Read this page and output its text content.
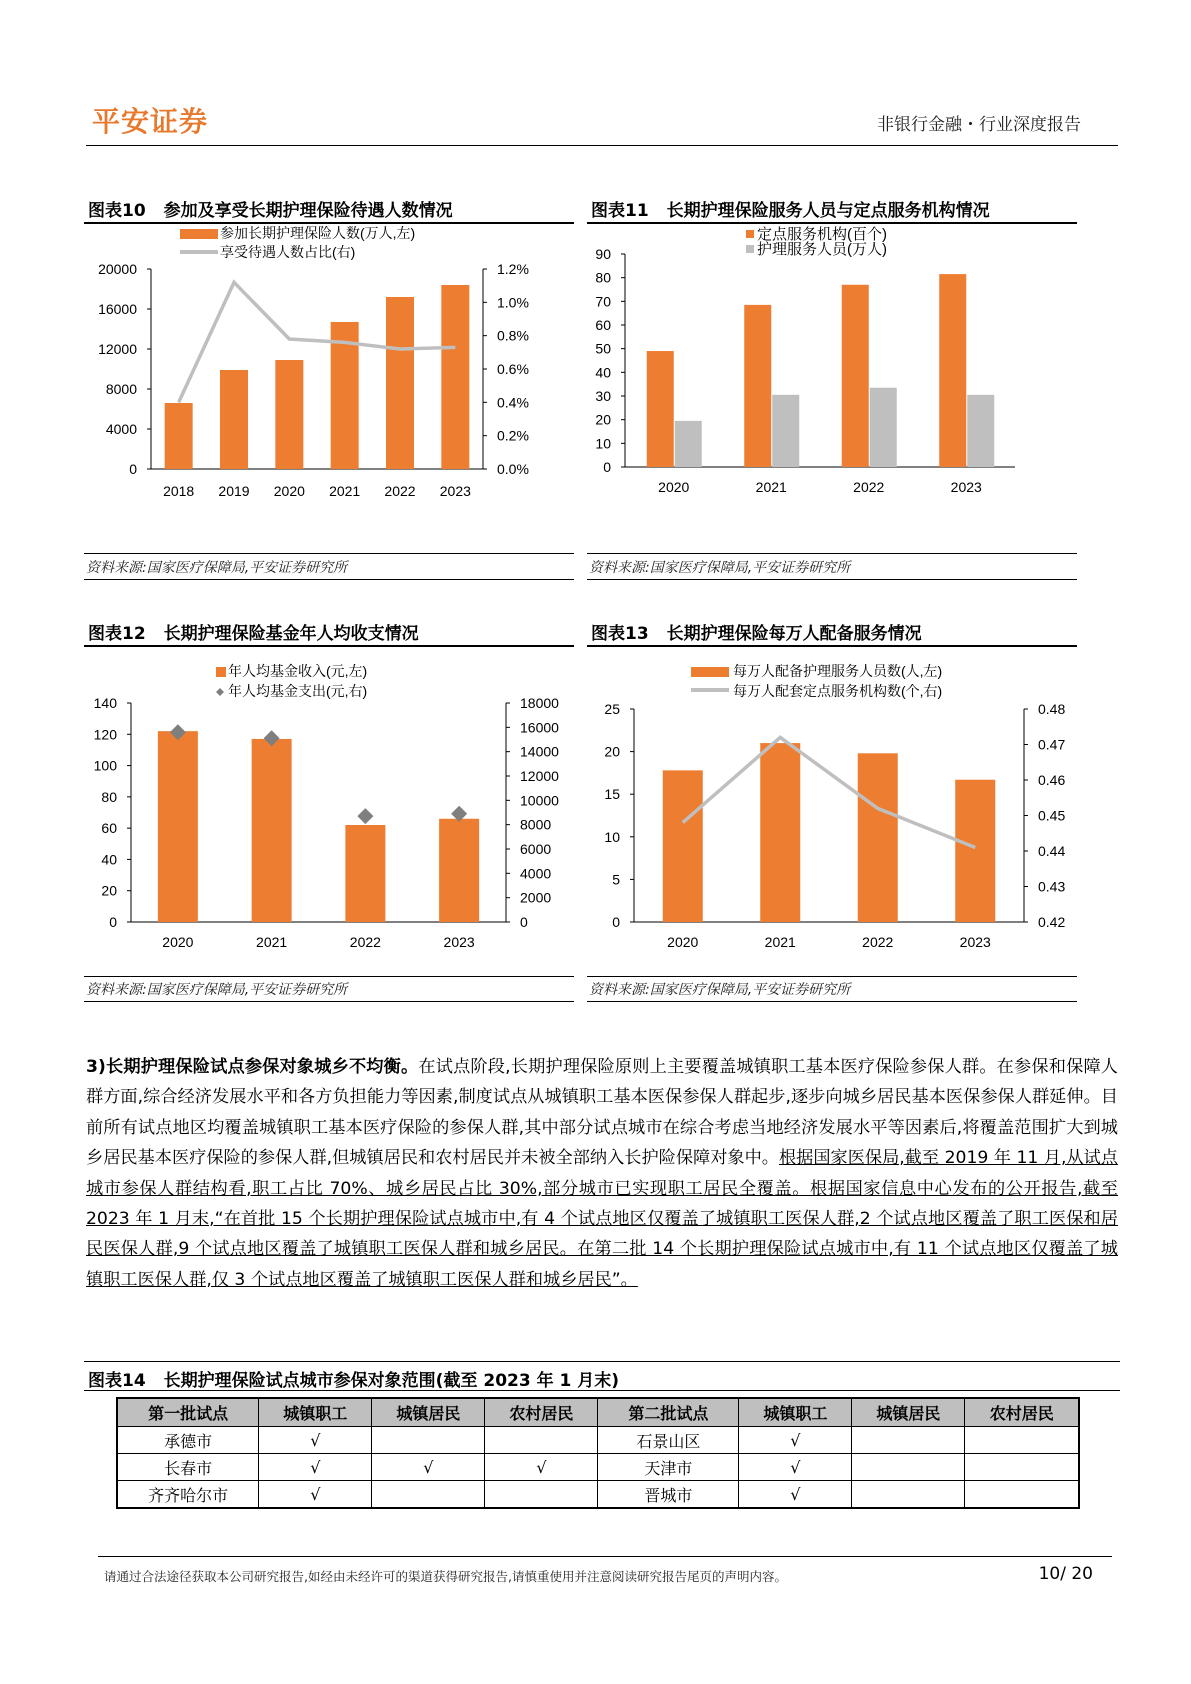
平安证券	非银行金融・行业深度报告
图表10 参加及享受长期护理保险待遇人数情况
参加长期护理保险人数(万人,左)
享受待遇人数占比(右)
0
4000
8000
12000
16000
20000
0.0%
0.2%
0.4%
0.6%
0.8%
1.0%
1.2%
2018 2019 2020 2021 2022 2023
资料来源:国家医疗保障局,平安证券研究所
图表11 长期护理保险服务人员与定点服务机构情况
定点服务机构(百个)
护理服务人员(万人)
0
10
20
30
40
50
60
70
80
90
2020	2021	2022	2023
资料来源:国家医疗保障局,平安证券研究所
图表12 长期护理保险基金年人均收支情况
年人均基金收入(元,左)
年人均基金支出(元,右)
0
20
40
60
80
100
120
140
0
2000
4000
6000
8000
10000
12000
14000
16000
18000
2020	2021	2022	2023
资料来源:国家医疗保障局,平安证券研究所
图表13 长期护理保险每万人配备服务情况
每万人配备护理服务人员数(人,左)
每万人配套定点服务机构数(个,右)
0
5
10
15
20
25
0.42
0.43
0.44
0.45
0.46
0.47
0.48
2020	2021	2022	2023
资料来源:国家医疗保障局,平安证券研究所
3)长期护理保险试点参保对象城乡不均衡。在试点阶段,长期护理保险原则上主要覆盖城镇职工基本医疗保险参保人群。在参保和保障人群方面,综合经济发展水平和各方负担能力等因素,制度试点从城镇职工基本医保参保人群起步,逐步向城乡居民基本医保参保人群延伸。目前所有试点地区均覆盖城镇职工基本医疗保险的参保人群,其中部分试点城市在综合考虑当地经济发展水平等因素后,将覆盖范围扩大到城乡居民基本医疗保险的参保人群,但城镇居民和农村居民并未被全部纳入长护险保障对象中。根据国家医保局,截至 2019 年 11 月,从试点城市参保人群结构看,职工占比 70%、城乡居民占比 30%,部分城市已实现职工居民全覆盖。根据国家信息中心发布的公开报告,截至 2023 年 1 月末,“在首批 15 个长期护理保险试点城市中,有 4 个试点地区仅覆盖了城镇职工医保人群,2 个试点地区覆盖了职工医保和居民医保人群,9 个试点地区覆盖了城镇职工医保人群和城乡居民。在第二批 14 个长期护理保险试点城市中,有 11 个试点地区仅覆盖了城镇职工医保人群,仅 3 个试点地区覆盖了城镇职工医保人群和城乡居民”。
图表14 长期护理保险试点城市参保对象范围(截至 2023 年 1 月末)
第一批试点	城镇职工	城镇居民	农村居民	第二批试点	城镇职工	城镇居民	农村居民
承德市	√			石景山区	√		
长春市	√	√	√	天津市	√		
齐齐哈尔市	√			晋城市	√		
请通过合法途径获取本公司研究报告,如经由未经许可的渠道获得研究报告,请慎重使用并注意阅读研究报告尾页的声明内容。	10/ 20
